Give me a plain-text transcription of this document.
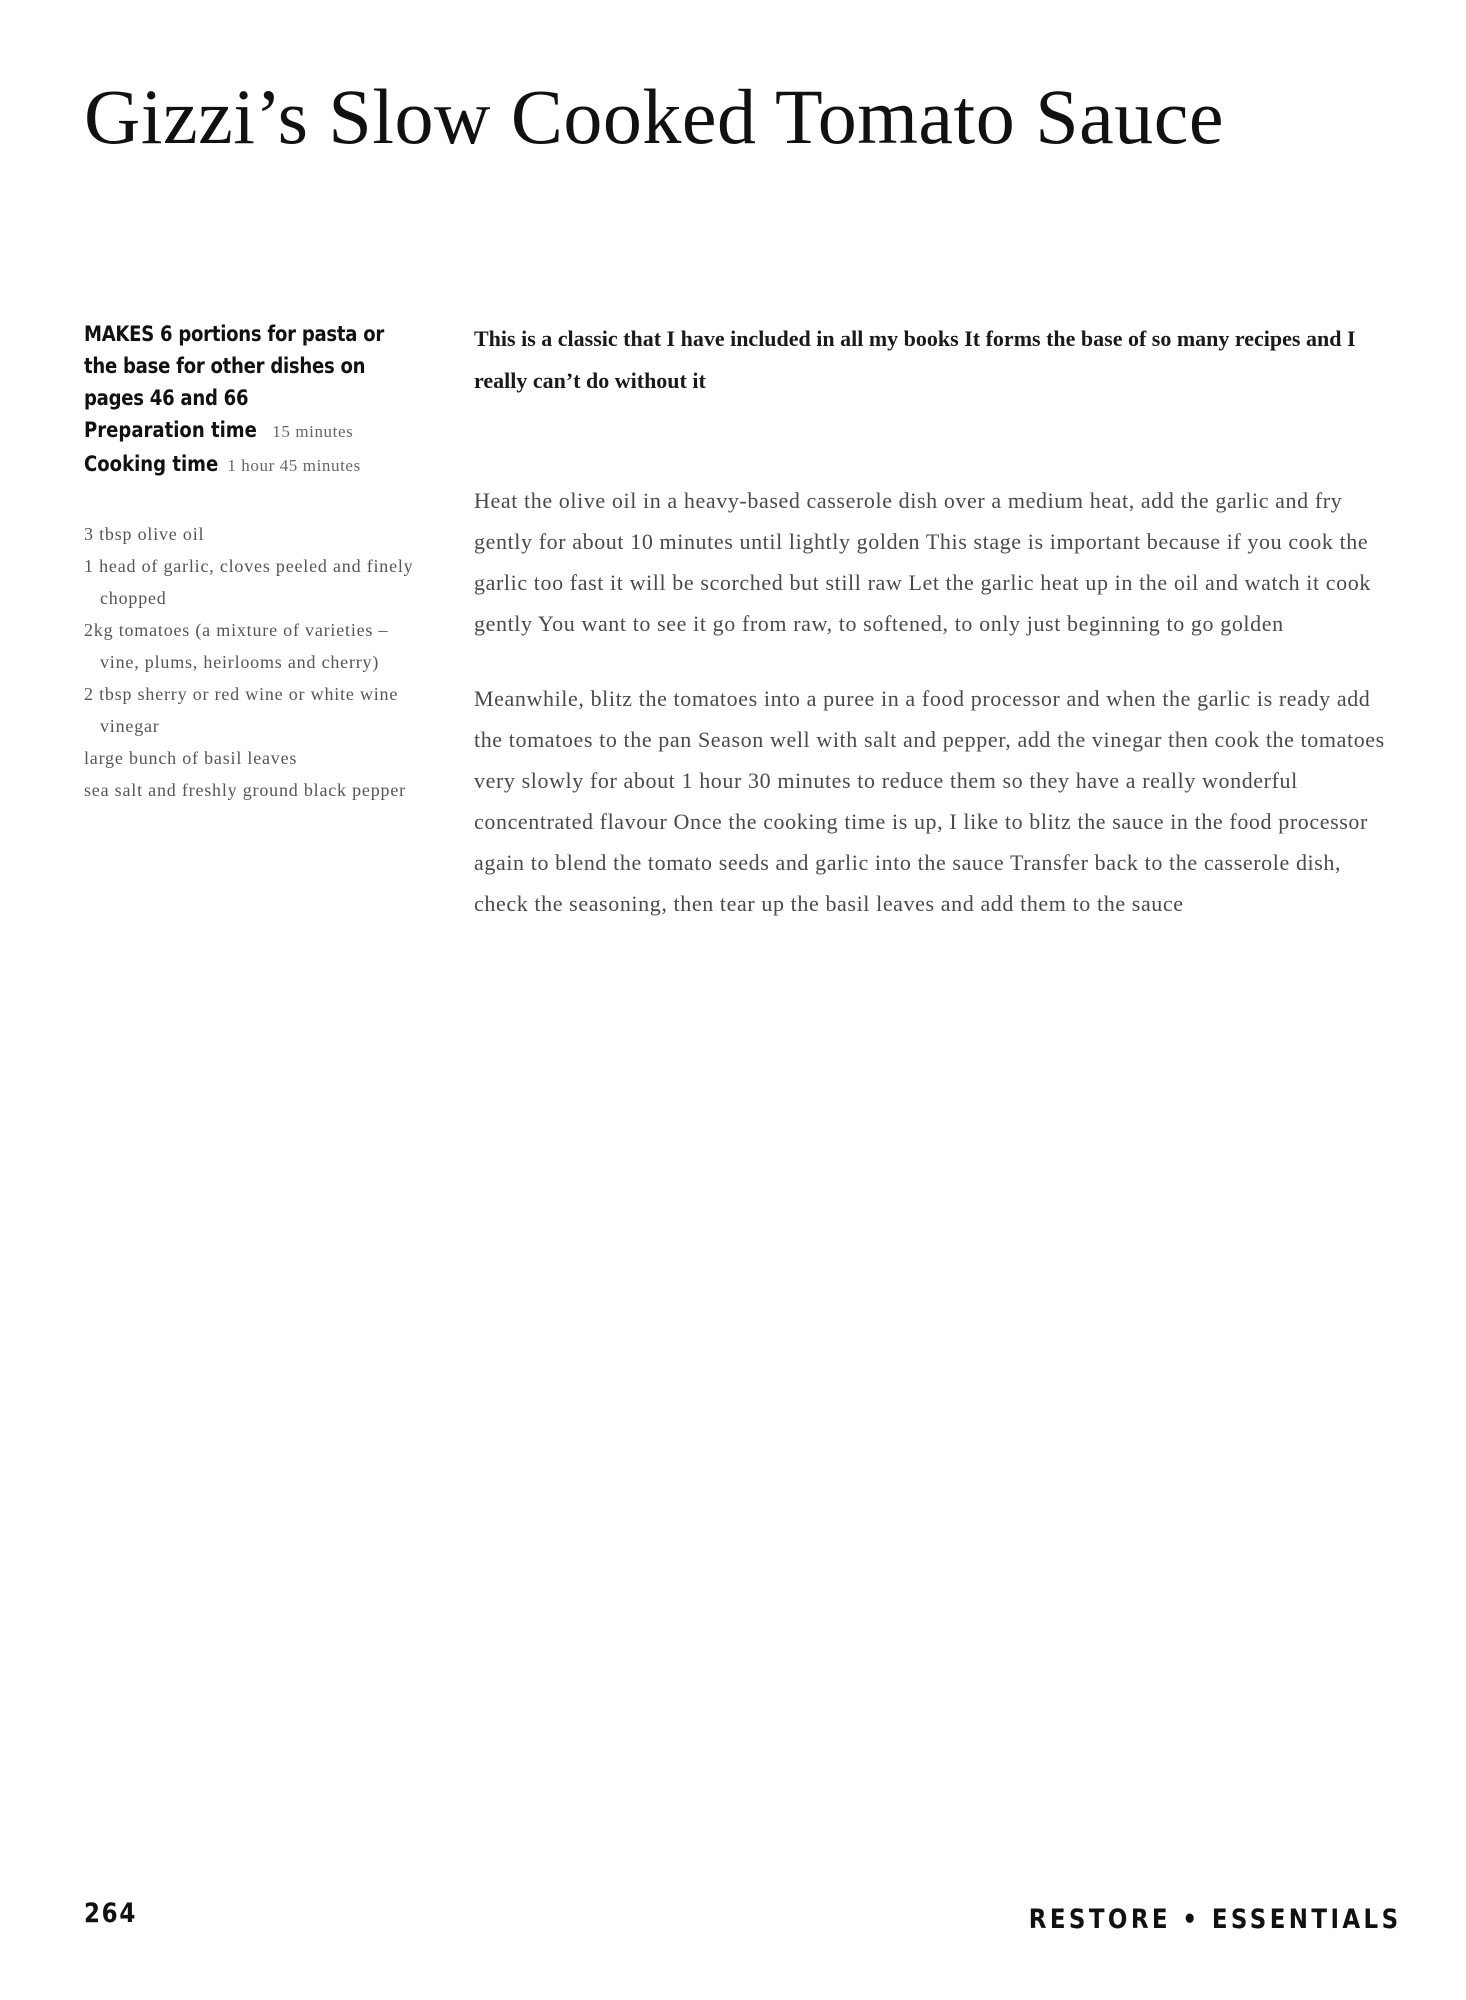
Gizzi’s Slow Cooked Tomato Sauce

MAKES 6 portions for pasta or the base for other dishes on pages 46 and 66

Preparation time 15 minutes

Cooking time 1 hour 45 minutes

3 tbsp olive oil
1 head of garlic, cloves peeled and finely chopped
2kg tomatoes (a mixture of varieties – vine, plums, heirlooms and cherry)
2 tbsp sherry or red wine or white wine vinegar
large bunch of basil leaves
sea salt and freshly ground black pepper

This is a classic that I have included in all my books It forms the base of so many recipes and I really can’t do without it

Heat the olive oil in a heavy-based casserole dish over a medium heat, add the garlic and fry gently for about 10 minutes until lightly golden This stage is important because if you cook the garlic too fast it will be scorched but still raw Let the garlic heat up in the oil and watch it cook gently You want to see it go from raw, to softened, to only just beginning to go golden

Meanwhile, blitz the tomatoes into a puree in a food processor and when the garlic is ready add the tomatoes to the pan Season well with salt and pepper, add the vinegar then cook the tomatoes very slowly for about 1 hour 30 minutes to reduce them so they have a really wonderful concentrated flavour Once the cooking time is up, I like to blitz the sauce in the food processor again to blend the tomato seeds and garlic into the sauce Transfer back to the casserole dish, check the seasoning, then tear up the basil leaves and add them to the sauce

264	RESTORE • ESSENTIALS
